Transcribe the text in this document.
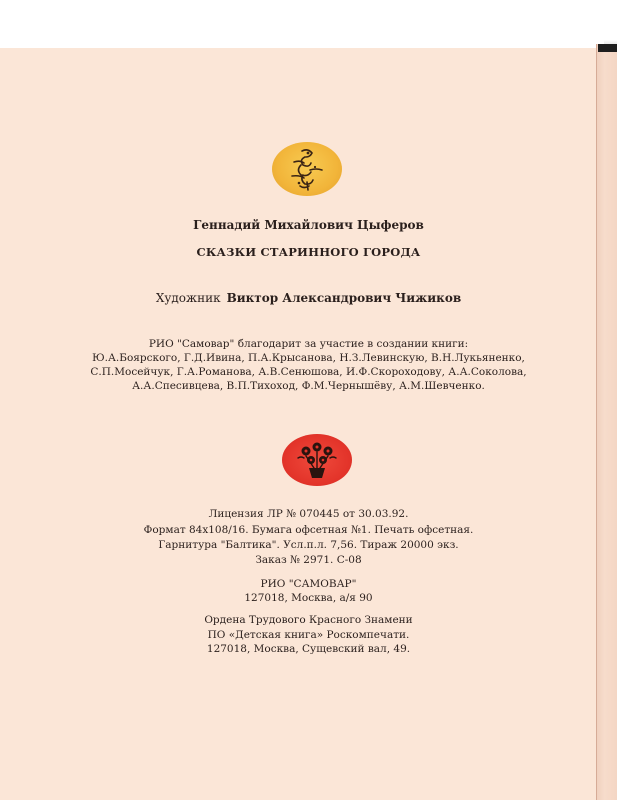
Геннадий Михайлович Цыферов
СКАЗКИ СТАРИННОГО ГОРОДА
Художник Виктор Александрович Чижиков
РИО "Самовар" благодарит за участие в создании книги:
Ю.А.Боярского, Г.Д.Ивина, П.А.Крысанова, Н.З.Левинскую, В.Н.Лукьяненко,
С.П.Мосейчук, Г.А.Романова, А.В.Сенюшова, И.Ф.Скороходову, А.А.Соколова,
А.А.Спесивцева, В.П.Тихоход, Ф.М.Чернышёву, А.М.Шевченко.
Лицензия ЛР № 070445 от 30.03.92.
Формат 84х108/16. Бумага офсетная №1. Печать офсетная.
Гарнитура "Балтика". Усл.п.л. 7,56. Тираж 20000 экз.
Заказ № 2971. С-08
РИО "САМОВАР"
127018, Москва, а/я 90
Ордена Трудового Красного Знамени
ПО «Детская книга» Роскомпечати.
127018, Москва, Сущевский вал, 49.
